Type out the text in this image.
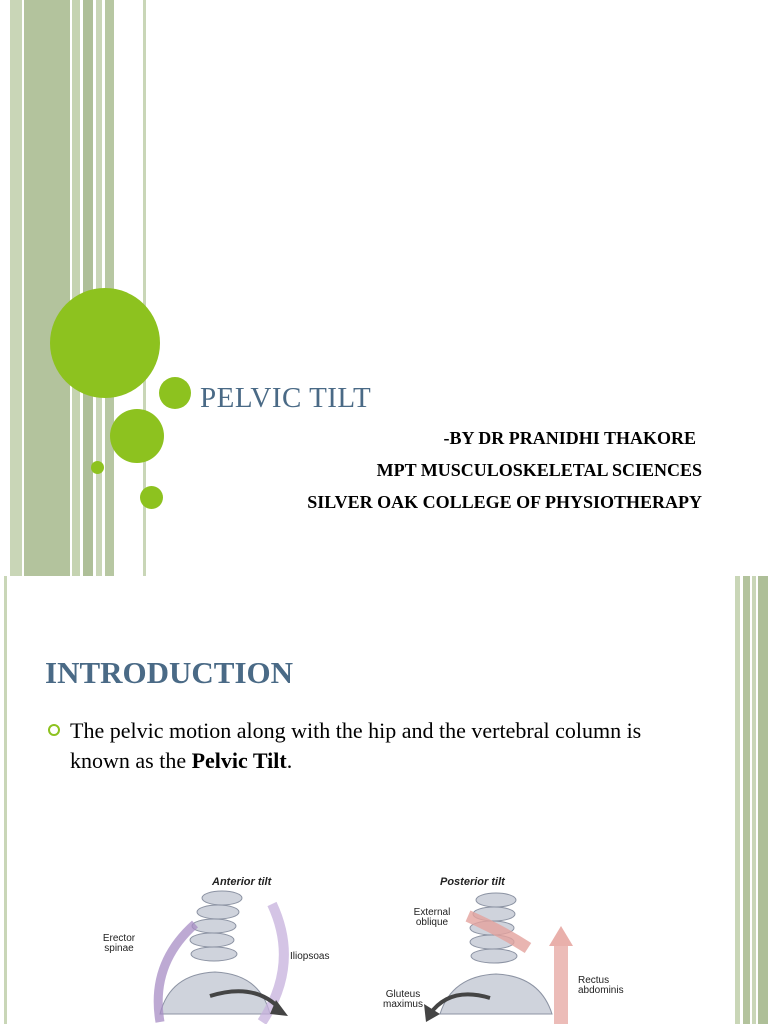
PELVIC TILT
-BY DR PRANIDHI THAKORE
MPT MUSCULOSKELETAL SCIENCES
SILVER OAK COLLEGE OF PHYSIOTHERAPY
INTRODUCTION
The pelvic motion along with the hip and the vertebral column is known as the Pelvic Tilt.
Anterior tilt	Posterior tilt
Erector spinae
Iliopsoas
External oblique
Rectus abdominis
Gluteus maximus
